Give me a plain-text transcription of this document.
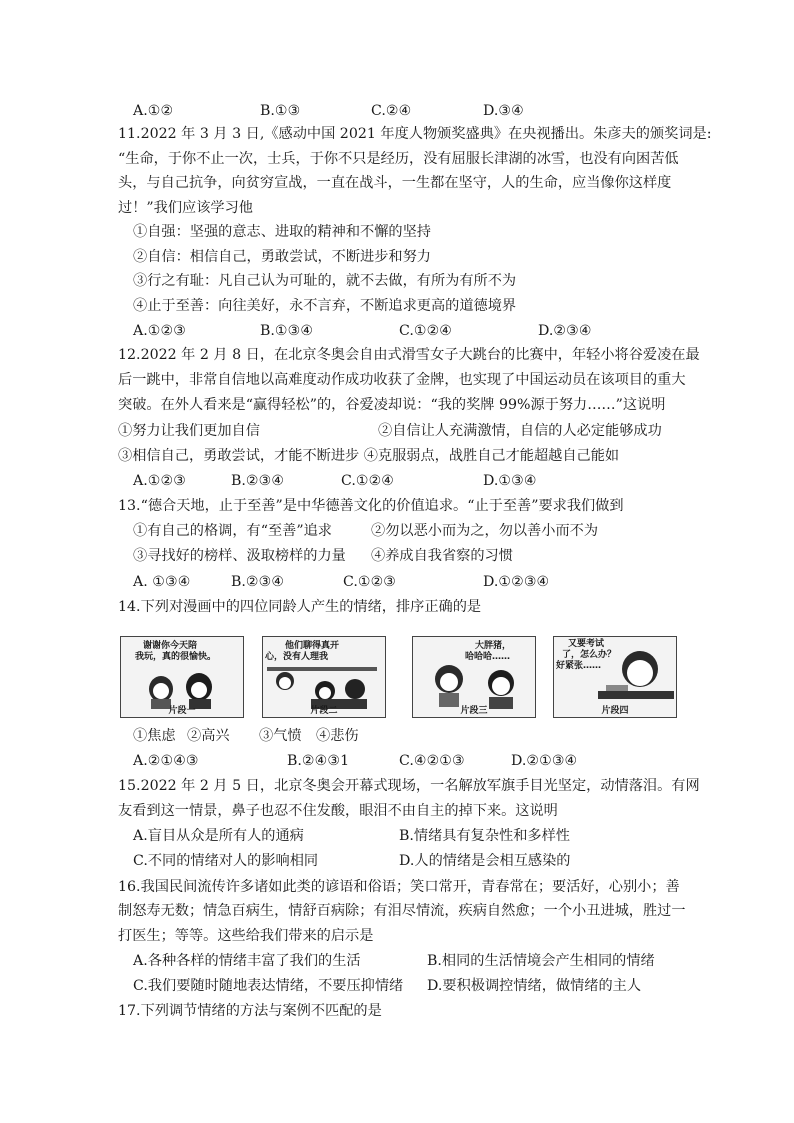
A.①②	B.①③	C.②④	D.③④
11.2022 年 3 月 3 日,《感动中国 2021 年度人物颁奖盛典》在央视播出。朱彦夫的颁奖词是:
“生命，于你不止一次，士兵，于你不只是经历，没有屈服长津湖的冰雪，也没有向困苦低
头，与自己抗争，向贫穷宣战，一直在战斗，一生都在坚守，人的生命，应当像你这样度
过！”我们应该学习他
①自强：坚强的意志、进取的精神和不懈的坚持
②自信：相信自己，勇敢尝试，不断进步和努力
③行之有耻：凡自己认为可耻的，就不去做，有所为有所不为
④止于至善：向往美好，永不言弃，不断追求更高的道德境界
A.①②③	B.①③④	C.①②④	D.②③④
12.2022 年 2 月 8 日，在北京冬奥会自由式滑雪女子大跳台的比赛中，年轻小将谷爱凌在最
后一跳中，非常自信地以高难度动作成功收获了金牌，也实现了中国运动员在该项目的重大
突破。在外人看来是“赢得轻松”的，谷爱凌却说：“我的奖牌 99%源于努力……”这说明
①努力让我们更加自信	②自信让人充满激情，自信的人必定能够成功
③相信自己，勇敢尝试，才能不断进步 ④克服弱点，战胜自己才能超越自己能如
A.①②③	B.②③④	C.①②④	D.①③④
13.“德合天地，止于至善”是中华德善文化的价值追求。“止于至善”要求我们做到
①有自己的格调，有“至善”追求	②勿以恶小而为之，勿以善小而不为
③寻找好的榜样、汲取榜样的力量 ④养成自我省察的习惯
A. ①③④	B.②③④	C.①②③	D.①②③④
14.下列对漫画中的四位同龄人产生的情绪，排序正确的是
谢谢你今天陪
我玩，真的很愉快。
片段一
他们聊得真开
心，没有人理我
片段二
大胖猪，
哈哈哈……
片段三
又要考试
了，怎么办？
好紧张……
片段四
①焦虑 ②高兴 ③气愤 ④悲伤
A.②①④③	B.②④③1	C.④②①③	D.②①③④
15.2022 年 2 月 5 日，北京冬奥会开幕式现场，一名解放军旗手目光坚定，动情落泪。有网
友看到这一情景，鼻子也忍不住发酸，眼泪不由自主的掉下来。这说明
A.盲目从众是所有人的通病	B.情绪具有复杂性和多样性
C.不同的情绪对人的影响相同	D.人的情绪是会相互感染的
16.我国民间流传许多诸如此类的谚语和俗语；笑口常开，青春常在；要活好，心别小；善
制怒寿无数；情急百病生，情舒百病除；有泪尽情流，疾病自然愈；一个小丑进城，胜过一
打医生；等等。这些给我们带来的启示是
A.各种各样的情绪丰富了我们的生活	B.相同的生活情境会产生相同的情绪
C.我们要随时随地表达情绪，不要压抑情绪 D.要积极调控情绪，做情绪的主人
17.下列调节情绪的方法与案例不匹配的是
